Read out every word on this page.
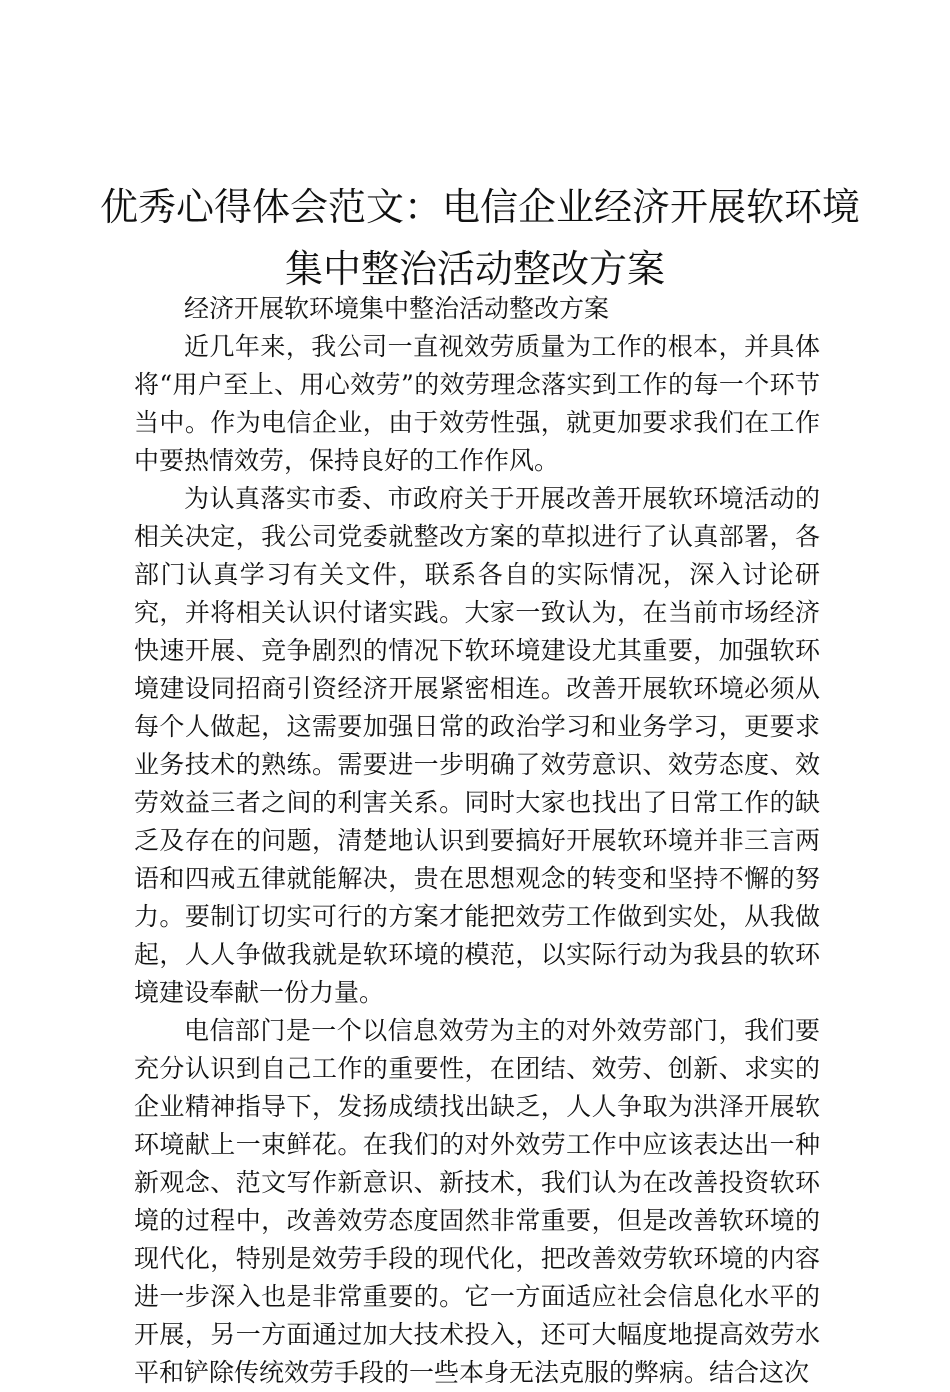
优秀心得体会范文：电信企业经济开展软环境
集中整治活动整改方案

经济开展软环境集中整治活动整改方案

近几年来，我公司一直视效劳质量为工作的根本，并具体将“用户至上、用心效劳”的效劳理念落实到工作的每一个环节当中。作为电信企业，由于效劳性强，就更加要求我们在工作中要热情效劳，保持良好的工作作风。

为认真落实市委、市政府关于开展改善开展软环境活动的相关决定，我公司党委就整改方案的草拟进行了认真部署，各部门认真学习有关文件，联系各自的实际情况，深入讨论研究，并将相关认识付诸实践。大家一致认为，在当前市场经济快速开展、竞争剧烈的情况下软环境建设尤其重要，加强软环境建设同招商引资经济开展紧密相连。改善开展软环境必须从每个人做起，这需要加强日常的政治学习和业务学习，更要求业务技术的熟练。需要进一步明确了效劳意识、效劳态度、效劳效益三者之间的利害关系。同时大家也找出了日常工作的缺乏及存在的问题，清楚地认识到要搞好开展软环境并非三言两语和四戒五律就能解决，贵在思想观念的转变和坚持不懈的努力。要制订切实可行的方案才能把效劳工作做到实处，从我做起，人人争做我就是软环境的模范，以实际行动为我县的软环境建设奉献一份力量。

电信部门是一个以信息效劳为主的对外效劳部门，我们要充分认识到自己工作的重要性，在团结、效劳、创新、求实的企业精神指导下，发扬成绩找出缺乏，人人争取为洪泽开展软环境献上一束鲜花。在我们的对外效劳工作中应该表达出一种新观念、范文写作新意识、新技术，我们认为在改善投资软环境的过程中，改善效劳态度固然非常重要，但是改善软环境的现代化，特别是效劳手段的现代化，把改善效劳软环境的内容进一步深入也是非常重要的。它一方面适应社会信息化水平的开展，另一方面通过加大技术投入，还可大幅度地提高效劳水平和铲除传统效劳手段的一些本身无法克服的弊病。结合这次
